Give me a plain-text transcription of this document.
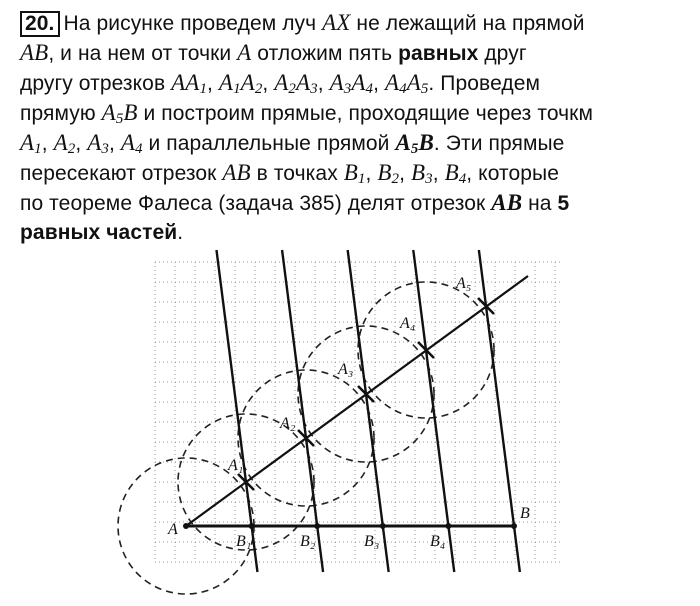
20. На рисунке проведем луч AX не лежащий на прямой
AB, и на нем от точки A отложим пять равных друг
другу отрезков $AA_1$, $A_1A_2$, $A_2A_3$, $A_3A_4$, $A_4A_5$. Проведем
прямую $A_5B$ и построим прямые, проходящие через точкм
$A_1$, $A_2$, $A_3$, $A_4$ и параллельные прямой $A_5B$. Эти прямые
пересекают отрезок AB в точках $B_1$, $B_2$, $B_3$, $B_4$, которые
по теореме Фалеса (задача 385) делят отрезок AB на 5
равных частей.
A
B
A₁
A₂
A₃
A₄
A₅
B₁	B₂	B₃	B₄
